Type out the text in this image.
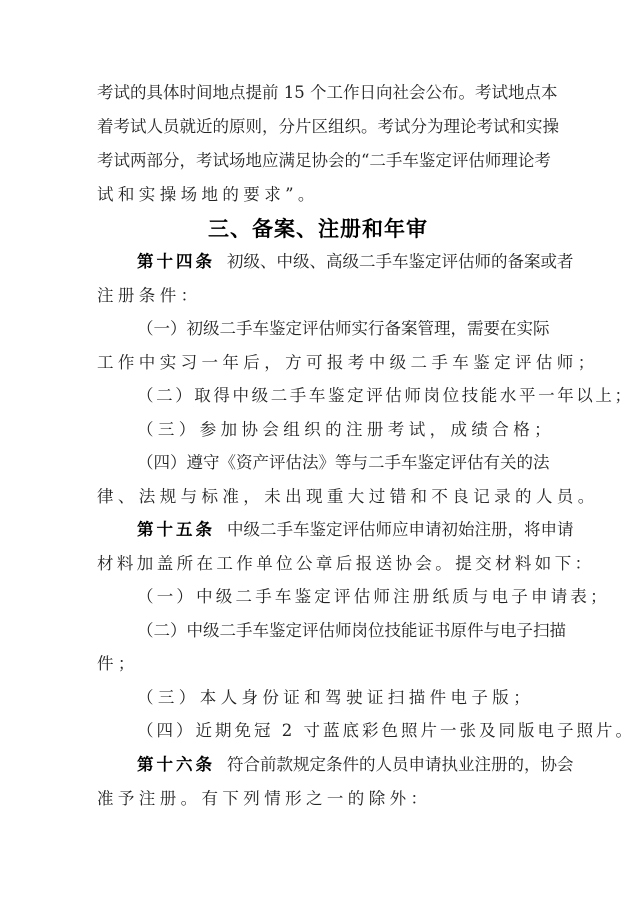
考试的具体时间地点提前 15 个工作日向社会公布。考试地点本
着考试人员就近的原则，分片区组织。考试分为理论考试和实操
考试两部分，考试场地应满足协会的“二手车鉴定评估师理论考
试和实操场地的要求”。
三、备案、注册和年审
第十四条 初级、中级、高级二手车鉴定评估师的备案或者
注册条件：
（一）初级二手车鉴定评估师实行备案管理，需要在实际
工作中实习一年后，方可报考中级二手车鉴定评估师；
（二）取得中级二手车鉴定评估师岗位技能水平一年以上；
（三）参加协会组织的注册考试，成绩合格；
（四）遵守《资产评估法》等与二手车鉴定评估有关的法
律、法规与标准，未出现重大过错和不良记录的人员。
第十五条 中级二手车鉴定评估师应申请初始注册，将申请
材料加盖所在工作单位公章后报送协会。提交材料如下：
（一）中级二手车鉴定评估师注册纸质与电子申请表；
（二）中级二手车鉴定评估师岗位技能证书原件与电子扫描
件；
（三）本人身份证和驾驶证扫描件电子版；
（四）近期免冠 2 寸蓝底彩色照片一张及同版电子照片。
第十六条 符合前款规定条件的人员申请执业注册的，协会
准予注册。有下列情形之一的除外：
